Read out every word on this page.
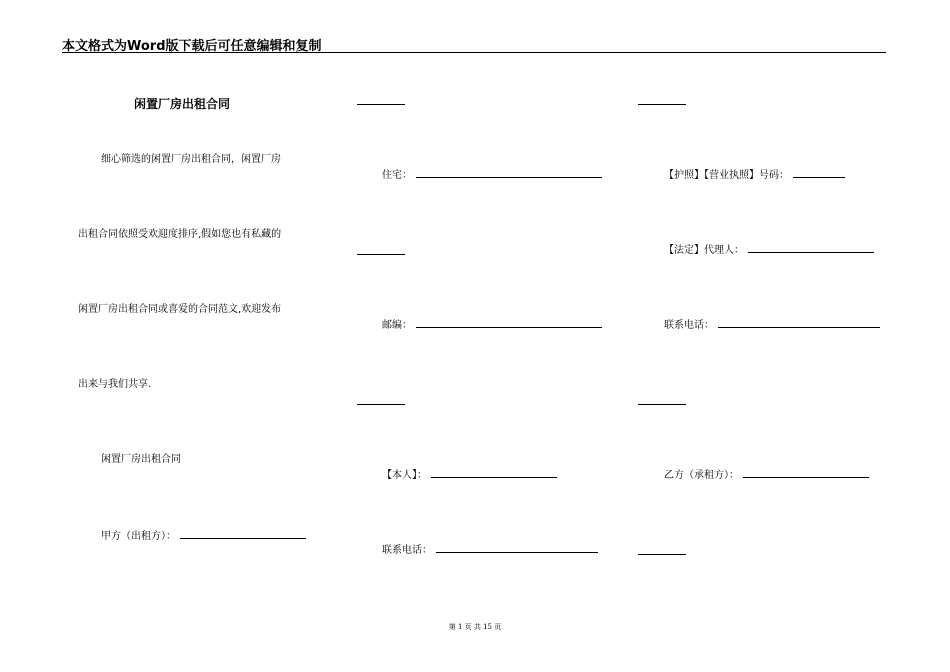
本文格式为Word版下载后可任意编辑和复制
闲置厂房出租合同
细心筛选的闲置厂房出租合同，闲置厂房
出租合同依照受欢迎度排序,假如您也有私藏的
闲置厂房出租合同或喜爱的合同范文,欢迎发布
出来与我们共享.
闲置厂房出租合同
甲方（出租方）：
住宅：
邮编：
【本人】：
联系电话：
【护照】【营业执照】号码：
【法定】代理人：
联系电话：
乙方（承租方）：
第 1 页 共 15 页
